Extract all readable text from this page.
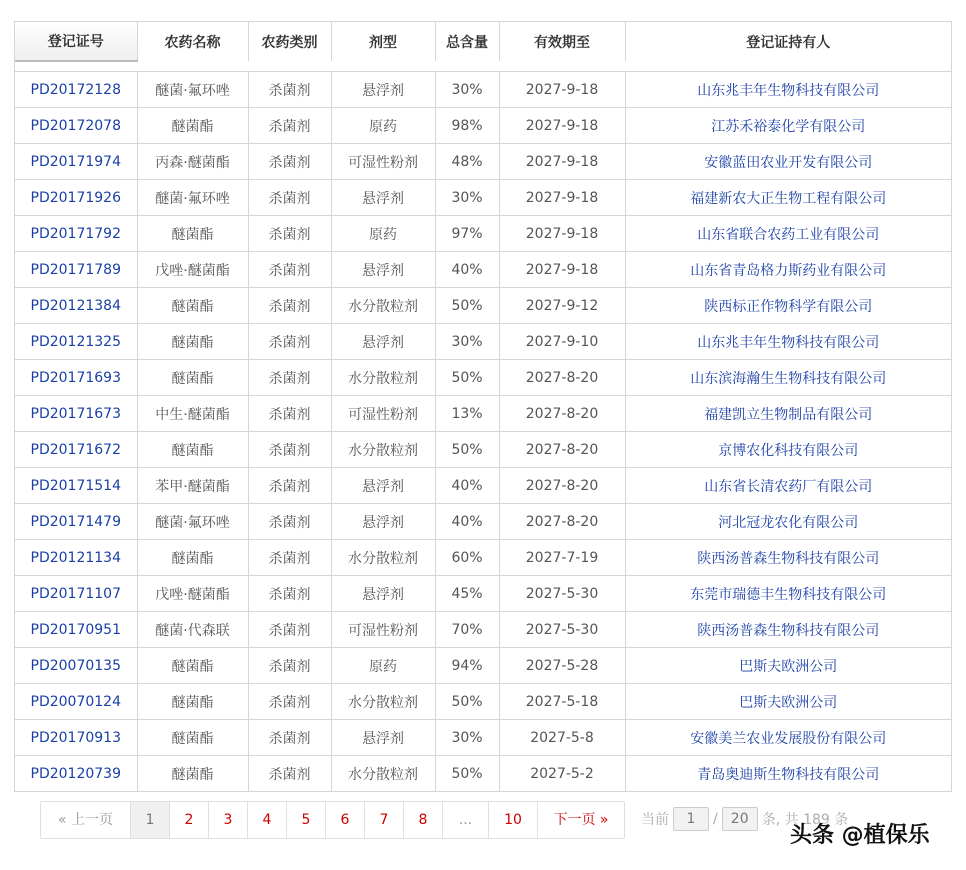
登记证号	农药名称	农药类别	剂型	总含量	有效期至	登记证持有人

PD20172128	醚菌·氟环唑	杀菌剂	悬浮剂	30%	2027-9-18	山东兆丰年生物科技有限公司
PD20172078	醚菌酯	杀菌剂	原药	98%	2027-9-18	江苏禾裕泰化学有限公司
PD20171974	丙森·醚菌酯	杀菌剂	可湿性粉剂	48%	2027-9-18	安徽蓝田农业开发有限公司
PD20171926	醚菌·氟环唑	杀菌剂	悬浮剂	30%	2027-9-18	福建新农大正生物工程有限公司
PD20171792	醚菌酯	杀菌剂	原药	97%	2027-9-18	山东省联合农药工业有限公司
PD20171789	戊唑·醚菌酯	杀菌剂	悬浮剂	40%	2027-9-18	山东省青岛格力斯药业有限公司
PD20121384	醚菌酯	杀菌剂	水分散粒剂	50%	2027-9-12	陕西标正作物科学有限公司
PD20121325	醚菌酯	杀菌剂	悬浮剂	30%	2027-9-10	山东兆丰年生物科技有限公司
PD20171693	醚菌酯	杀菌剂	水分散粒剂	50%	2027-8-20	山东滨海瀚生生物科技有限公司
PD20171673	中生·醚菌酯	杀菌剂	可湿性粉剂	13%	2027-8-20	福建凯立生物制品有限公司
PD20171672	醚菌酯	杀菌剂	水分散粒剂	50%	2027-8-20	京博农化科技有限公司
PD20171514	苯甲·醚菌酯	杀菌剂	悬浮剂	40%	2027-8-20	山东省长清农药厂有限公司
PD20171479	醚菌·氟环唑	杀菌剂	悬浮剂	40%	2027-8-20	河北冠龙农化有限公司
PD20121134	醚菌酯	杀菌剂	水分散粒剂	60%	2027-7-19	陕西汤普森生物科技有限公司
PD20171107	戊唑·醚菌酯	杀菌剂	悬浮剂	45%	2027-5-30	东莞市瑞德丰生物科技有限公司
PD20170951	醚菌·代森联	杀菌剂	可湿性粉剂	70%	2027-5-30	陕西汤普森生物科技有限公司
PD20070135	醚菌酯	杀菌剂	原药	94%	2027-5-28	巴斯夫欧洲公司
PD20070124	醚菌酯	杀菌剂	水分散粒剂	50%	2027-5-18	巴斯夫欧洲公司
PD20170913	醚菌酯	杀菌剂	悬浮剂	30%	2027-5-8	安徽美兰农业发展股份有限公司
PD20120739	醚菌酯	杀菌剂	水分散粒剂	50%	2027-5-2	青岛奥迪斯生物科技有限公司
« 上一页	1	2	3	4	5	6	7	8	...	10	下一页 »	当前	1	/ 20 条, 共 189 条
头条 @植保乐
